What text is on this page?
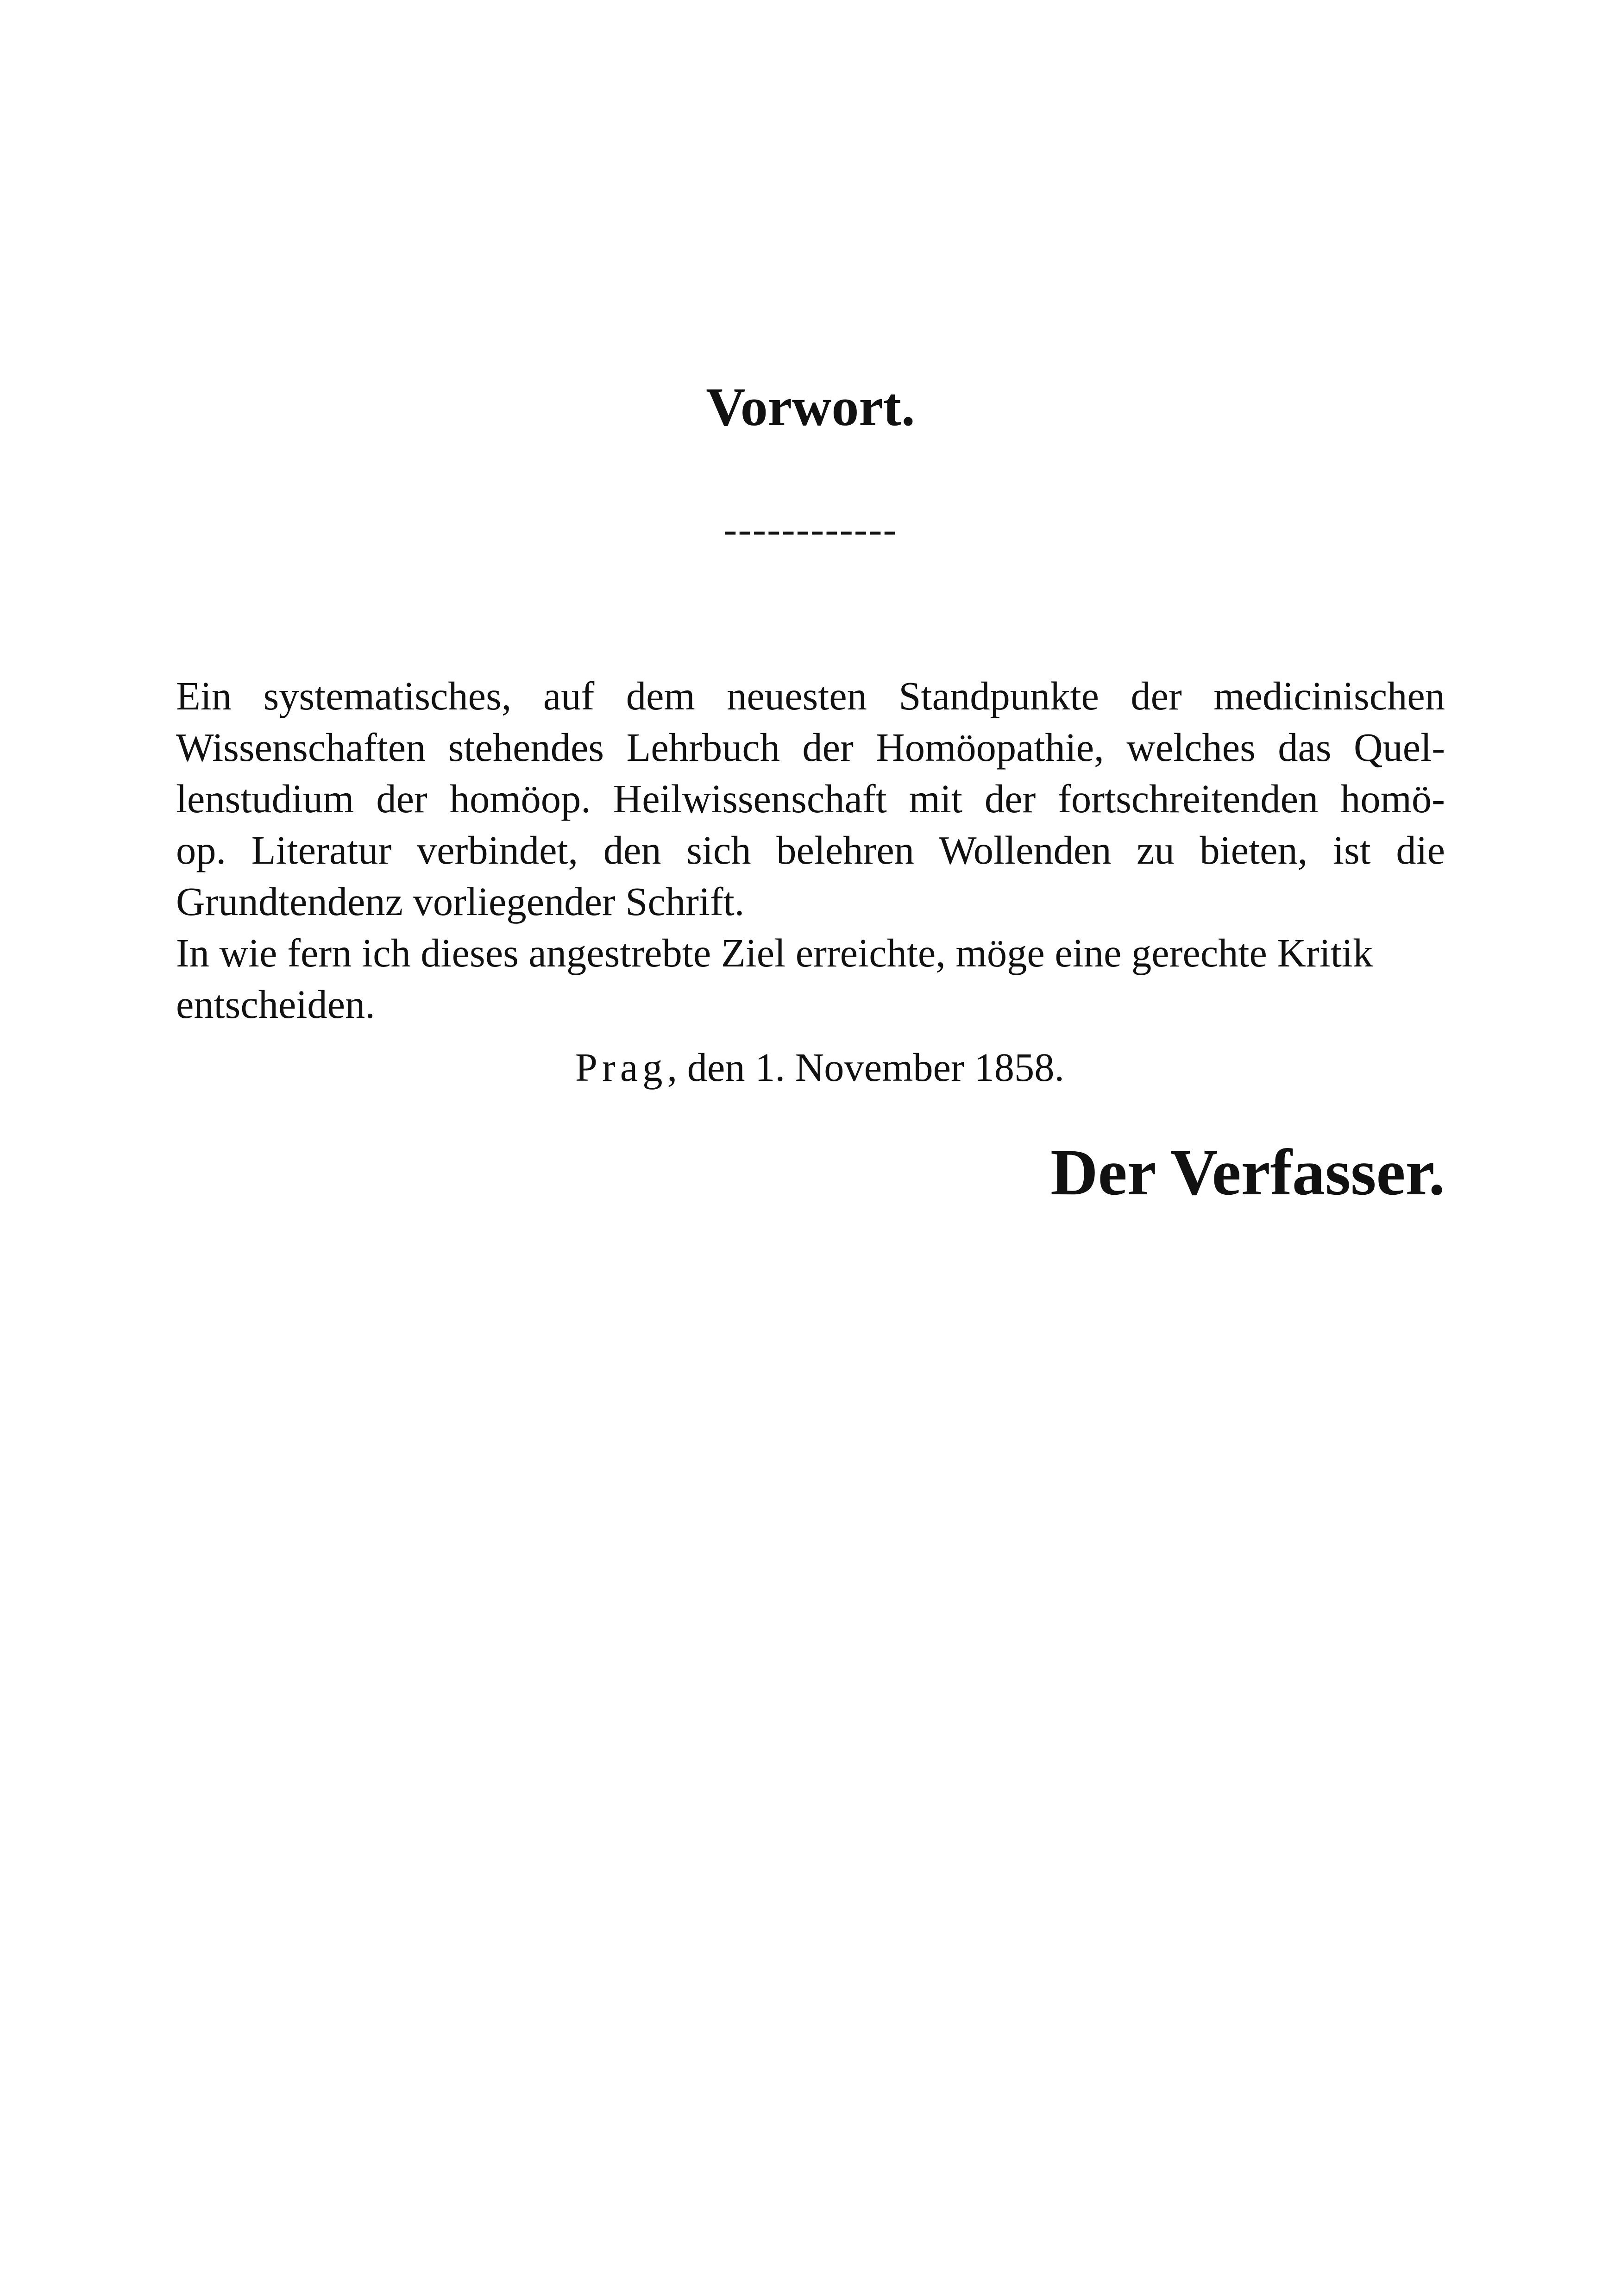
Vorwort.
------------
Ein systematisches, auf dem neuesten Standpunkte der medicinischen
Wissenschaften stehendes Lehrbuch der Homöopathie, welches das Quel-
lenstudium der homöop. Heilwissenschaft mit der fortschreitenden homö-
op. Literatur verbindet, den sich belehren Wollenden zu bieten, ist die
Grundtendenz vorliegender Schrift.
In wie fern ich dieses angestrebte Ziel erreichte, möge eine gerechte Kritik
entscheiden.
Prag, den 1. November 1858.
Der Verfasser.
